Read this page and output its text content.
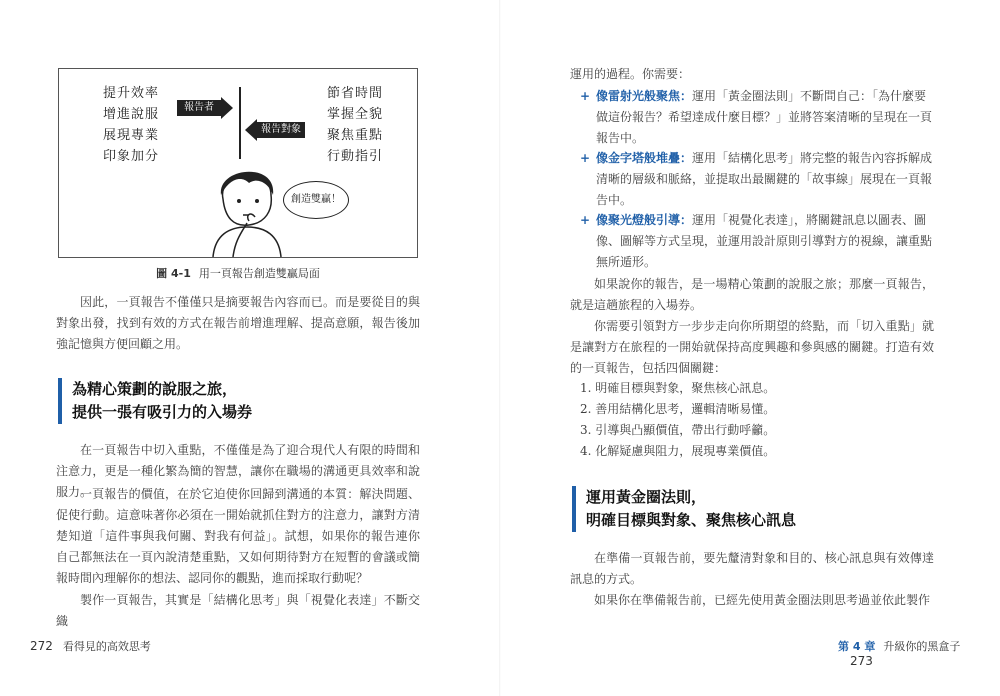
提升效率
增進說服
展現專業
印象加分
報告者
報告對象
節省時間
掌握全貌
聚焦重點
行動指引
創造雙贏！
圖 4-1 用一頁報告創造雙贏局面

因此，一頁報告不僅僅只是摘要報告內容而已。而是要從目的與對象出發，找到有效的方式在報告前增進理解、提高意願，報告後加強記憶與方便回顧之用。

為精心策劃的說服之旅，
提供一張有吸引力的入場券

在一頁報告中切入重點，不僅僅是為了迎合現代人有限的時間和注意力，更是一種化繁為簡的智慧，讓你在職場的溝通更具效率和說服力。

一頁報告的價值，在於它迫使你回歸到溝通的本質：解決問題、促使行動。這意味著你必須在一開始就抓住對方的注意力，讓對方清楚知道「這件事與我何關、對我有何益」。試想，如果你的報告連你自己都無法在一頁內說清楚重點，又如何期待對方在短暫的會議或簡報時間內理解你的想法、認同你的觀點，進而採取行動呢？

製作一頁報告，其實是「結構化思考」與「視覺化表達」不斷交織

272 看得見的高效思考

運用的過程。你需要：

+ 像雷射光般聚焦：運用「黃金圈法則」不斷問自己：「為什麼要做這份報告？希望達成什麼目標？」並將答案清晰的呈現在一頁報告中。
+ 像金字塔般堆疊：運用「結構化思考」將完整的報告內容拆解成清晰的層級和脈絡，並提取出最關鍵的「故事線」展現在一頁報告中。
+ 像聚光燈般引導：運用「視覺化表達」，將關鍵訊息以圖表、圖像、圖解等方式呈現，並運用設計原則引導對方的視線，讓重點無所遁形。

如果說你的報告，是一場精心策劃的說服之旅；那麼一頁報告，就是這趟旅程的入場券。

你需要引領對方一步步走向你所期望的終點，而「切入重點」就是讓對方在旅程的一開始就保持高度興趣和參與感的關鍵。打造有效的一頁報告，包括四個關鍵：

1. 明確目標與對象，聚焦核心訊息。
2. 善用結構化思考，邏輯清晰易懂。
3. 引導與凸顯價值，帶出行動呼籲。
4. 化解疑慮與阻力，展現專業價值。
運用黃金圈法則，
明確目標與對象、聚焦核心訊息

在準備一頁報告前，要先釐清對象和目的、核心訊息與有效傳達訊息的方式。

如果你在準備報告前，已經先使用黃金圈法則思考過並依此製作

第 4 章 升級你的黑盒子273
